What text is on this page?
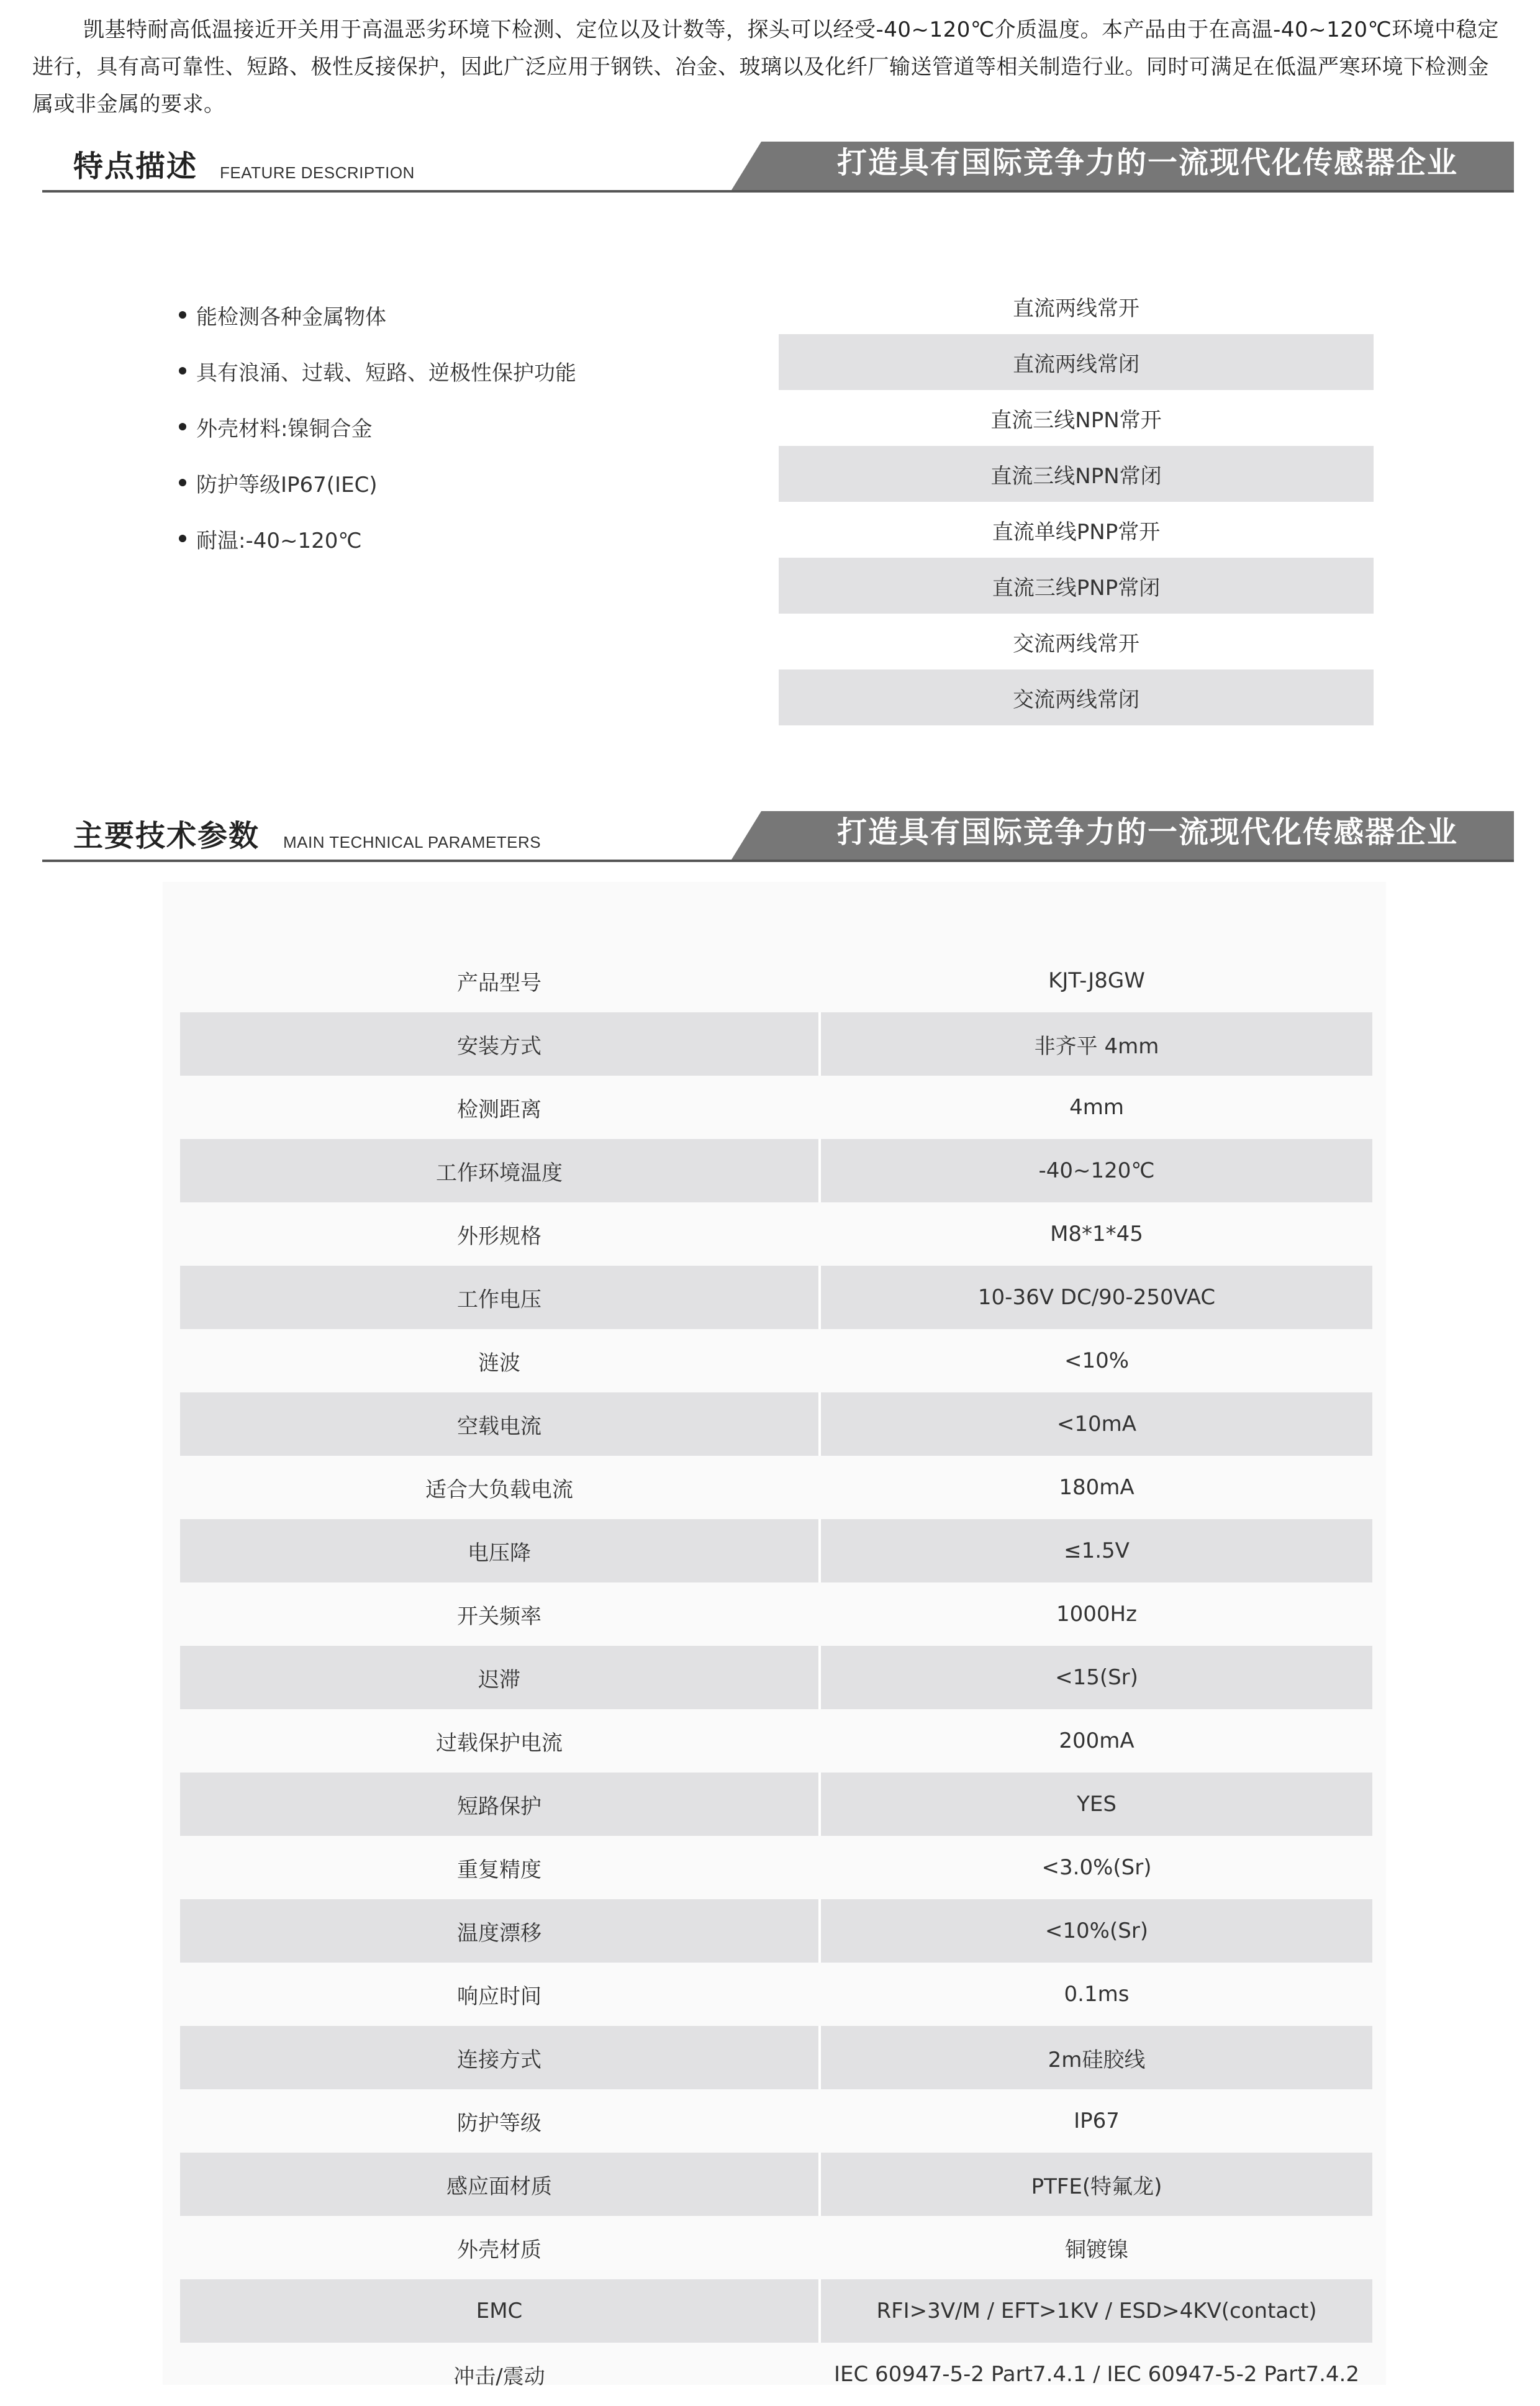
凯基特耐高低温接近开关用于高温恶劣环境下检测、定位以及计数等，探头可以经受-40~120℃介质温度。本产品由于在高温-40~120℃环境中稳定进行，具有高可靠性、短路、极性反接保护，因此广泛应用于钢铁、冶金、玻璃以及化纤厂输送管道等相关制造行业。同时可满足在低温严寒环境下检测金属或非金属的要求。
打造具有国际竞争力的一流现代化传感器企业
特点描述 FEATURE DESCRIPTION
能检测各种金属物体
具有浪涌、过载、短路、逆极性保护功能
外壳材料:镍铜合金
防护等级IP67(IEC)
耐温:-40~120℃
直流两线常开
直流两线常闭
直流三线NPN常开
直流三线NPN常闭
直流单线PNP常开
直流三线PNP常闭
交流两线常开
交流两线常闭
打造具有国际竞争力的一流现代化传感器企业
主要技术参数 MAIN TECHNICAL PARAMETERS
产品型号	KJT-J8GW
安装方式	非齐平 4mm
检测距离	4mm
工作环境温度	-40~120℃
外形规格	M8*1*45
工作电压	10-36V DC/90-250VAC
涟波	<10%
空载电流	<10mA
适合大负载电流	180mA
电压降	≤1.5V
开关频率	1000Hz
迟滞	<15(Sr)
过载保护电流	200mA
短路保护	YES
重复精度	<3.0%(Sr)
温度漂移	<10%(Sr)
响应时间	0.1ms
连接方式	2m硅胶线
防护等级	IP67
感应面材质	PTFE(特氟龙)
外壳材质	铜镀镍
EMC	RFI>3V/M / EFT>1KV / ESD>4KV(contact)
冲击/震动	IEC 60947-5-2 Part7.4.1 / IEC 60947-5-2 Part7.4.2
